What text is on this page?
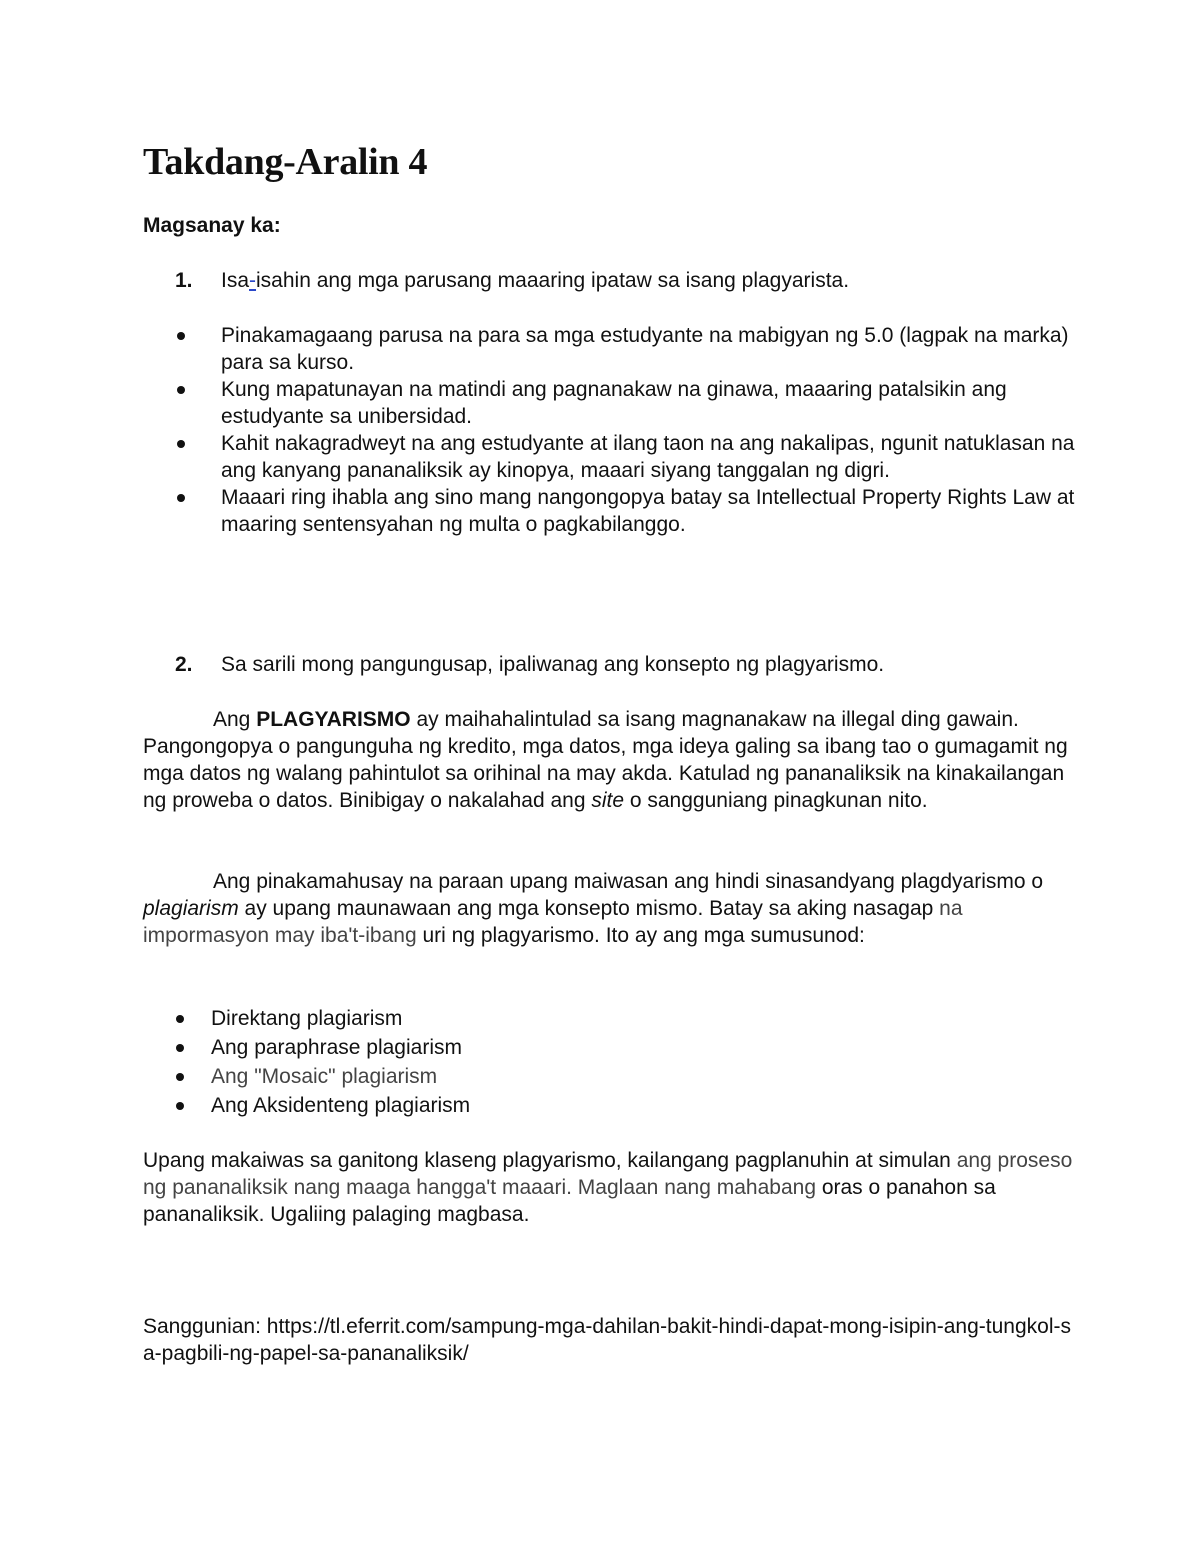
Takdang-Aralin 4

Magsanay ka:

1. Isa-isahin ang mga parusang maaaring ipataw sa isang plagyarista.
Pinakamagaang parusa na para sa mga estudyante na mabigyan ng 5.0 (lagpak na marka) para sa kurso.
Kung mapatunayan na matindi ang pagnanakaw na ginawa, maaaring patalsikin ang estudyante sa unibersidad.
Kahit nakagradweyt na ang estudyante at ilang taon na ang nakalipas, ngunit natuklasan na ang kanyang pananaliksik ay kinopya, maaari siyang tanggalan ng digri.
Maaari ring ihabla ang sino mang nangongopya batay sa Intellectual Property Rights Law at maaring sentensyahan ng multa o pagkabilanggo.
2. Sa sarili mong pangungusap, ipaliwanag ang konsepto ng plagyarismo.

Ang PLAGYARISMO ay maihahalintulad sa isang magnanakaw na illegal ding gawain. Pangongopya o pangunguha ng kredito, mga datos, mga ideya galing sa ibang tao o gumagamit ng mga datos ng walang pahintulot sa orihinal na may akda. Katulad ng pananaliksik na kinakailangan ng proweba o datos. Binibigay o nakalahad ang site o sangguniang pinagkunan nito.

Ang pinakamahusay na paraan upang maiwasan ang hindi sinasandyang plagdyarismo o plagiarism ay upang maunawaan ang mga konsepto mismo. Batay sa aking nasagap na impormasyon may iba't-ibang uri ng plagyarismo. Ito ay ang mga sumusunod:

Direktang plagiarism
Ang paraphrase plagiarism
Ang "Mosaic" plagiarism
Ang Aksidenteng plagiarism

Upang makaiwas sa ganitong klaseng plagyarismo, kailangang pagplanuhin at simulan ang proseso ng pananaliksik nang maaga hangga't maaari. Maglaan nang mahabang oras o panahon sa pananaliksik. Ugaliing palaging magbasa.

Sanggunian: https://tl.eferrit.com/sampung-mga-dahilan-bakit-hindi-dapat-mong-isipin-ang-tungkol-sa-pagbili-ng-papel-sa-pananaliksik/
